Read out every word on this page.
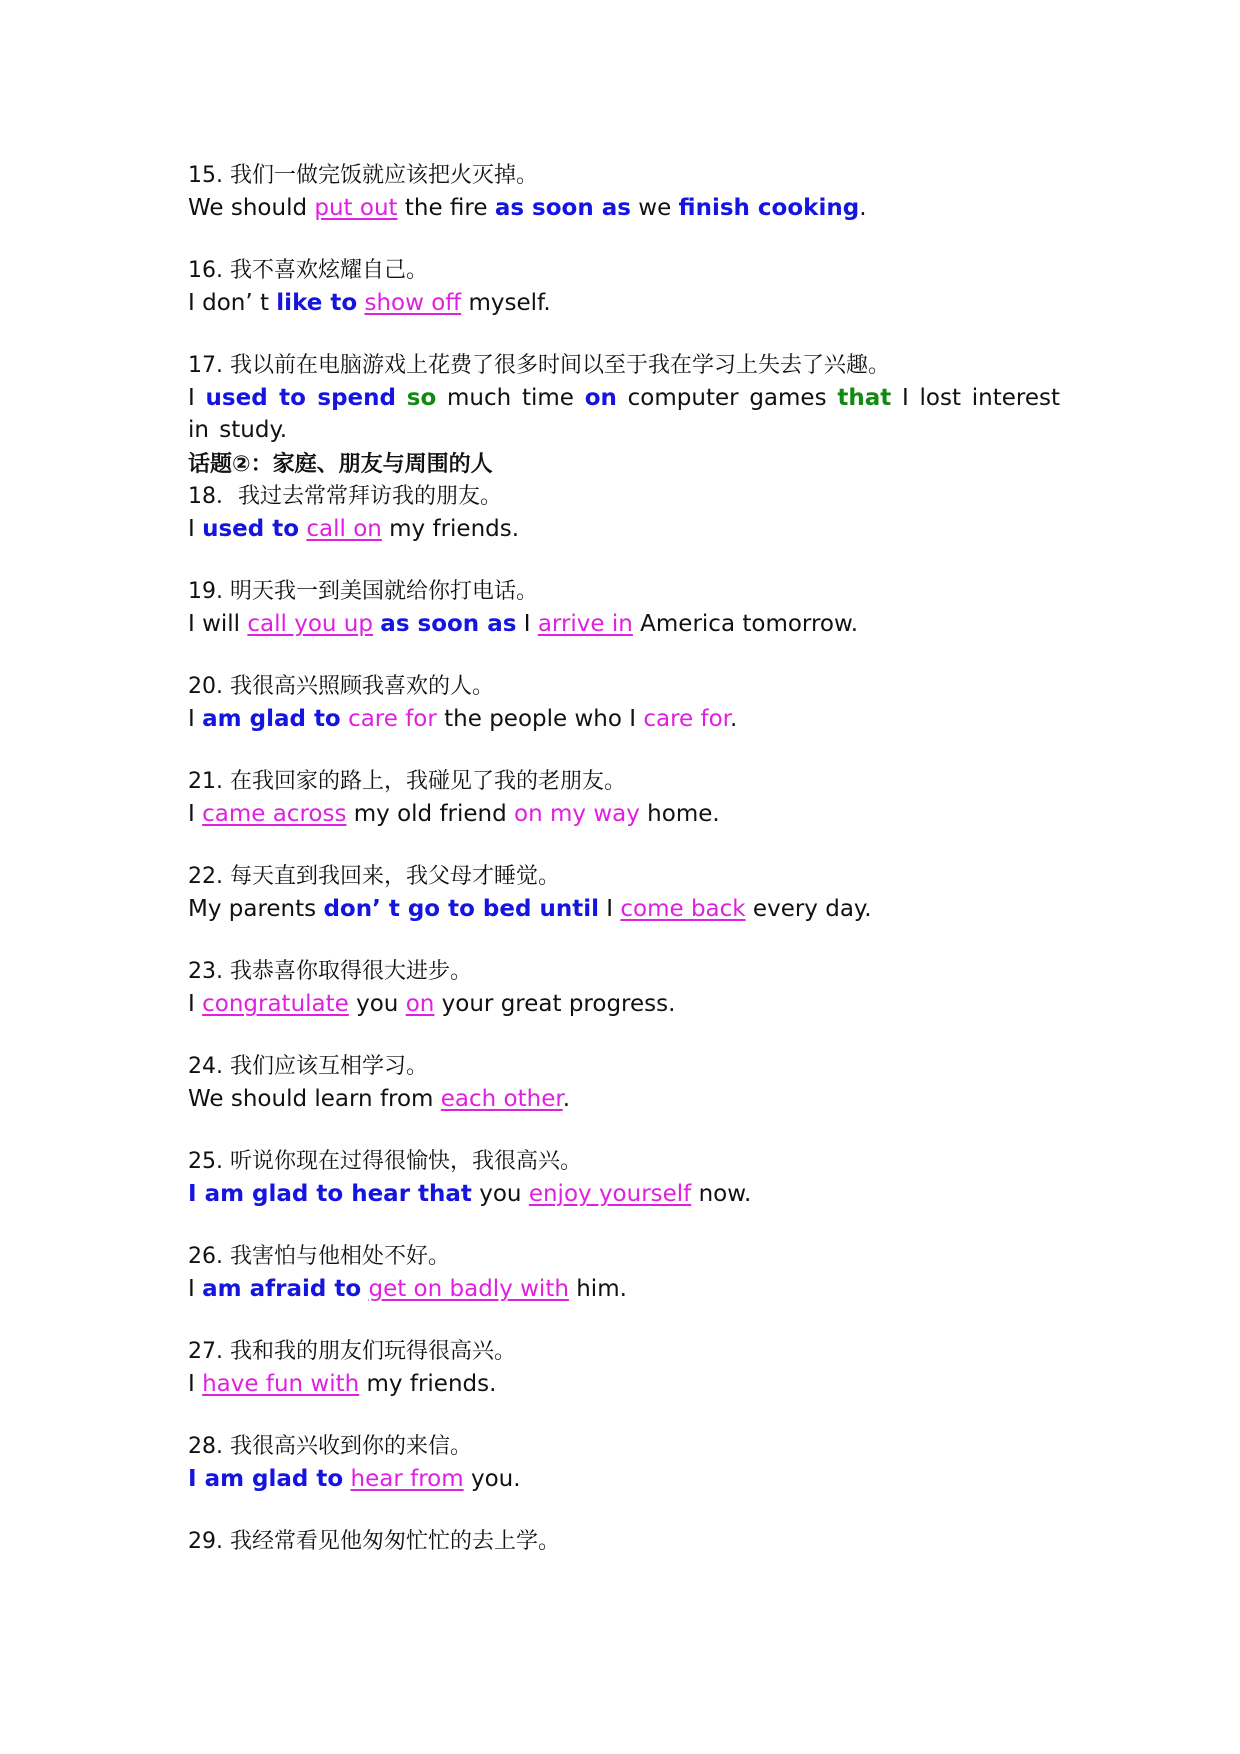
15. 我们一做完饭就应该把火灭掉。

We should put out the fire as soon as we finish cooking.

16. 我不喜欢炫耀自己。

I don’ t like to show off myself.

17. 我以前在电脑游戏上花费了很多时间以至于我在学习上失去了兴趣。

I used to spend so much time on computer games that I lost interest in study.

话题②：家庭、朋友与周围的人

18．我过去常常拜访我的朋友。

I used to call on my friends.

19. 明天我一到美国就给你打电话。

I will call you up as soon as I arrive in America tomorrow.

20. 我很高兴照顾我喜欢的人。

I am glad to care for the people who I care for.

21. 在我回家的路上，我碰见了我的老朋友。

I came across my old friend on my way home.

22. 每天直到我回来，我父母才睡觉。

My parents don’ t go to bed until I come back every day.

23. 我恭喜你取得很大进步。

I congratulate you on your great progress.

24. 我们应该互相学习。

We should learn from each other.

25. 听说你现在过得很愉快，我很高兴。

I am glad to hear that you enjoy yourself now.

26. 我害怕与他相处不好。

I am afraid to get on badly with him.

27. 我和我的朋友们玩得很高兴。

I have fun with my friends.

28. 我很高兴收到你的来信。

I am glad to hear from you.

29. 我经常看见他匆匆忙忙的去上学。
